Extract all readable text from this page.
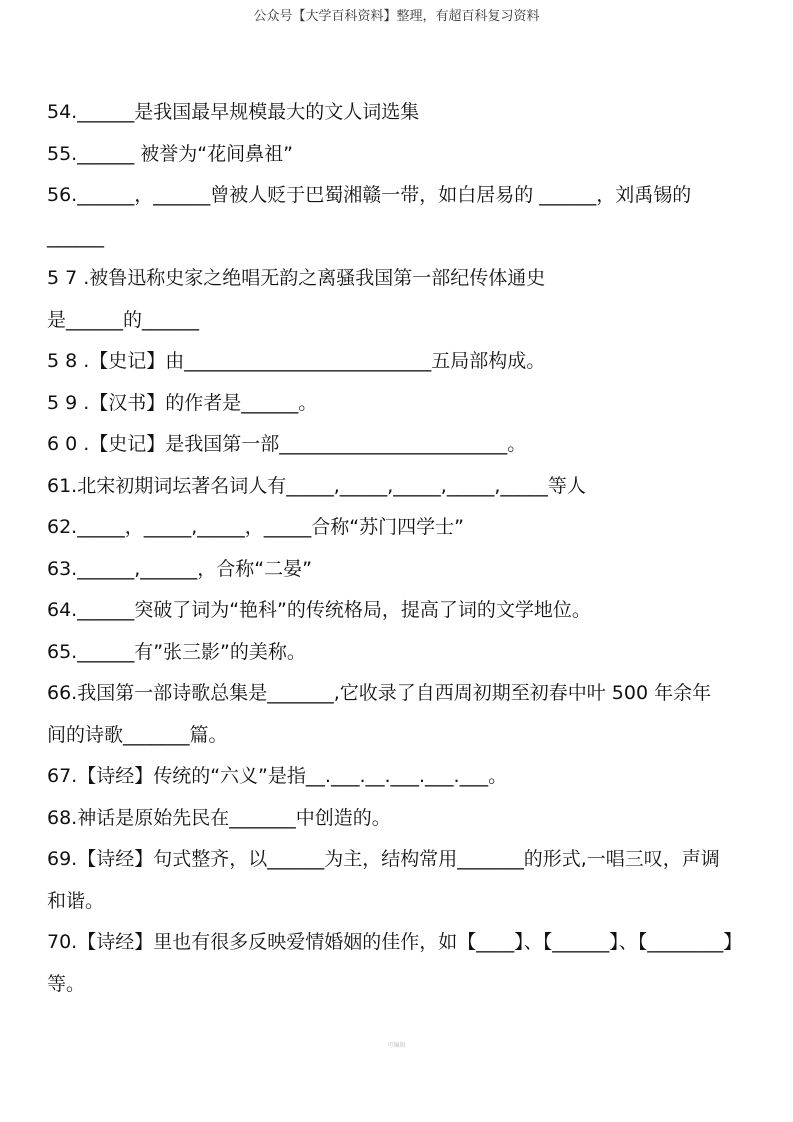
公众号【大学百科资料】整理，有超百科复习资料
54.______是我国最早规模最大的文人词选集
55.______ 被誉为“花间鼻祖”
56.______，______曾被人贬于巴蜀湘赣一带，如白居易的 ______，刘禹锡的
______
5 7 .被鲁迅称史家之绝唱无韵之离骚我国第一部纪传体通史
是______的______
5 8 .【史记】由__________________________五局部构成。
5 9 .【汉书】的作者是______。
6 0 .【史记】是我国第一部________________________。
61.北宋初期词坛著名词人有_____,_____,_____,_____,_____等人
62._____，_____,_____，_____合称“苏门四学士”
63.______,______，合称“二晏”
64.______突破了词为“艳科”的传统格局，提高了词的文学地位。
65.______有”张三影”的美称。
66.我国第一部诗歌总集是_______,它收录了自西周初期至初春中叶 500 年余年
间的诗歌_______篇。
67.【诗经】传统的“六义”是指__.___.__.___.___.___。
68.神话是原始先民在_______中创造的。
69.【诗经】句式整齐，以______为主，结构常用_______的形式,一唱三叹，声调
和谐。
70.【诗经】里也有很多反映爱情婚姻的佳作，如【____】、【______】、【________】
等。
可编辑
